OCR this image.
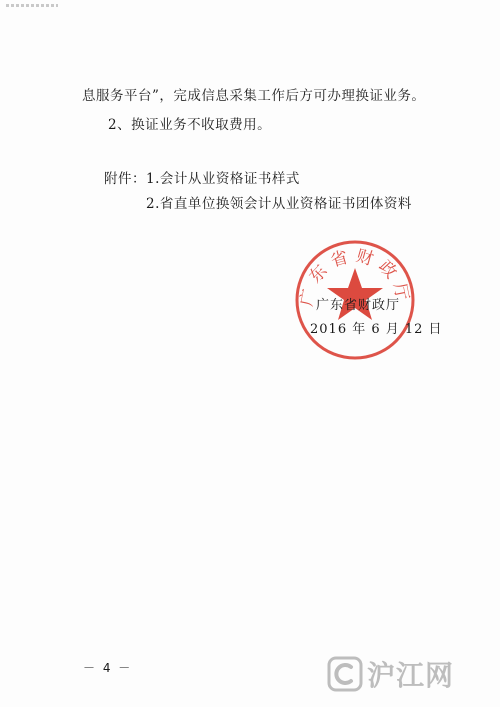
息服务平台”，完成信息采集工作后方可办理换证业务。
2、换证业务不收取费用。
附件：1.会计从业资格证书样式
2.省直单位换领会计从业资格证书团体资料
广东省财政厅
广东省财政厅
2016 年 6 月 12 日
－ 4 －	沪江网
